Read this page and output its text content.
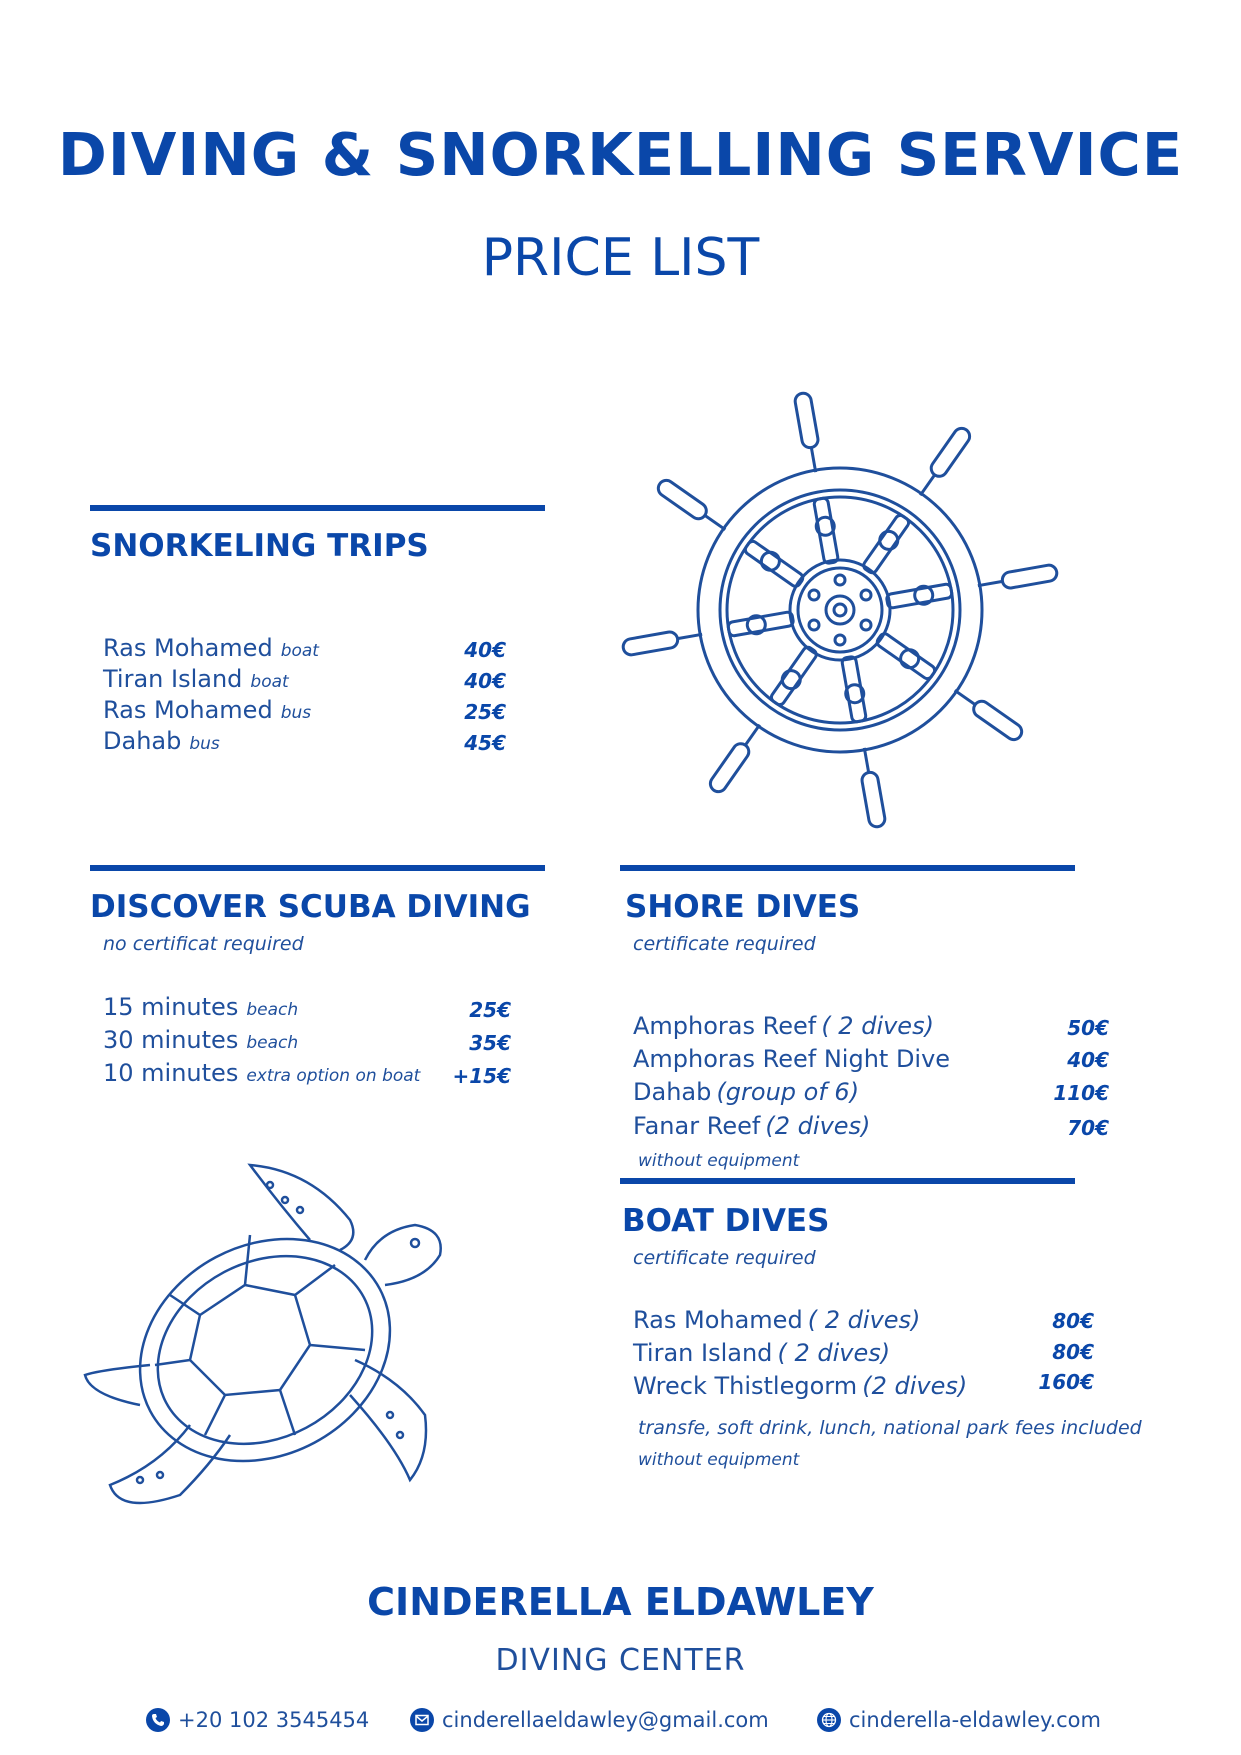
DIVING & SNORKELLING SERVICE
PRICE LIST
SNORKELING TRIPS
Ras Mohamed boat	40€
Tiran Island boat	40€
Ras Mohamed bus	25€
Dahab bus	45€
DISCOVER SCUBA DIVING
no certificat required
15 minutes beach	25€
30 minutes beach	35€
10 minutes extra option on boat +15€
SHORE DIVES
certificate required
Amphoras Reef ( 2 dives)	50€
Amphoras Reef Night Dive	40€
Dahab (group of 6)	110€
Fanar Reef (2 dives)	70€
without equipment
BOAT DIVES
certificate required
Ras Mohamed ( 2 dives)	80€
Tiran Island ( 2 dives)	80€
Wreck Thistlegorm (2 dives)	160€
transfe, soft drink, lunch, national park fees included
without equipment
CINDERELLA ELDAWLEY
DIVING CENTER
+20 102 3545454	cinderellaeldawley@gmail.com	cinderella-eldawley.com
